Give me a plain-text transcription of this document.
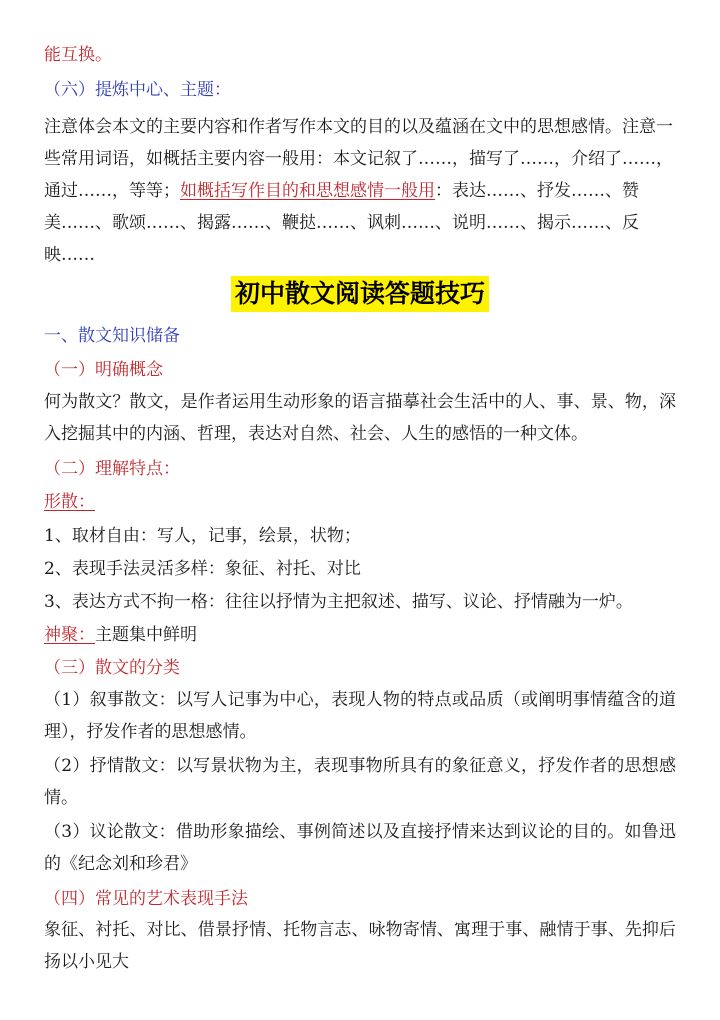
能互换。
（六）提炼中心、主题：
注意体会本文的主要内容和作者写作本文的目的以及蕴涵在文中的思想感情。注意一
些常用词语，如概括主要内容一般用：本文记叙了……，描写了……，介绍了……，
通过……，等等；如概括写作目的和思想感情一般用：表达……、抒发……、赞
美……、歌颂……、揭露……、鞭挞……、讽刺……、说明……、揭示……、反
映……
初中散文阅读答题技巧
一、散文知识储备
（一）明确概念
何为散文？散文，是作者运用生动形象的语言描摹社会生活中的人、事、景、物，深入挖掘其中的内涵、哲理，表达对自然、社会、人生的感悟的一种文体。
（二）理解特点：
形散：
1、取材自由：写人，记事，绘景，状物；
2、表现手法灵活多样：象征、衬托、对比
3、表达方式不拘一格：往往以抒情为主把叙述、描写、议论、抒情融为一炉。
神聚：主题集中鲜明
（三）散文的分类
（1）叙事散文：以写人记事为中心，表现人物的特点或品质（或阐明事情蕴含的道理），抒发作者的思想感情。
（2）抒情散文：以写景状物为主，表现事物所具有的象征意义，抒发作者的思想感情。
（3）议论散文：借助形象描绘、事例简述以及直接抒情来达到议论的目的。如鲁迅的《纪念刘和珍君》
（四）常见的艺术表现手法
象征、衬托、对比、借景抒情、托物言志、咏物寄情、寓理于事、融情于事、先抑后扬以小见大
